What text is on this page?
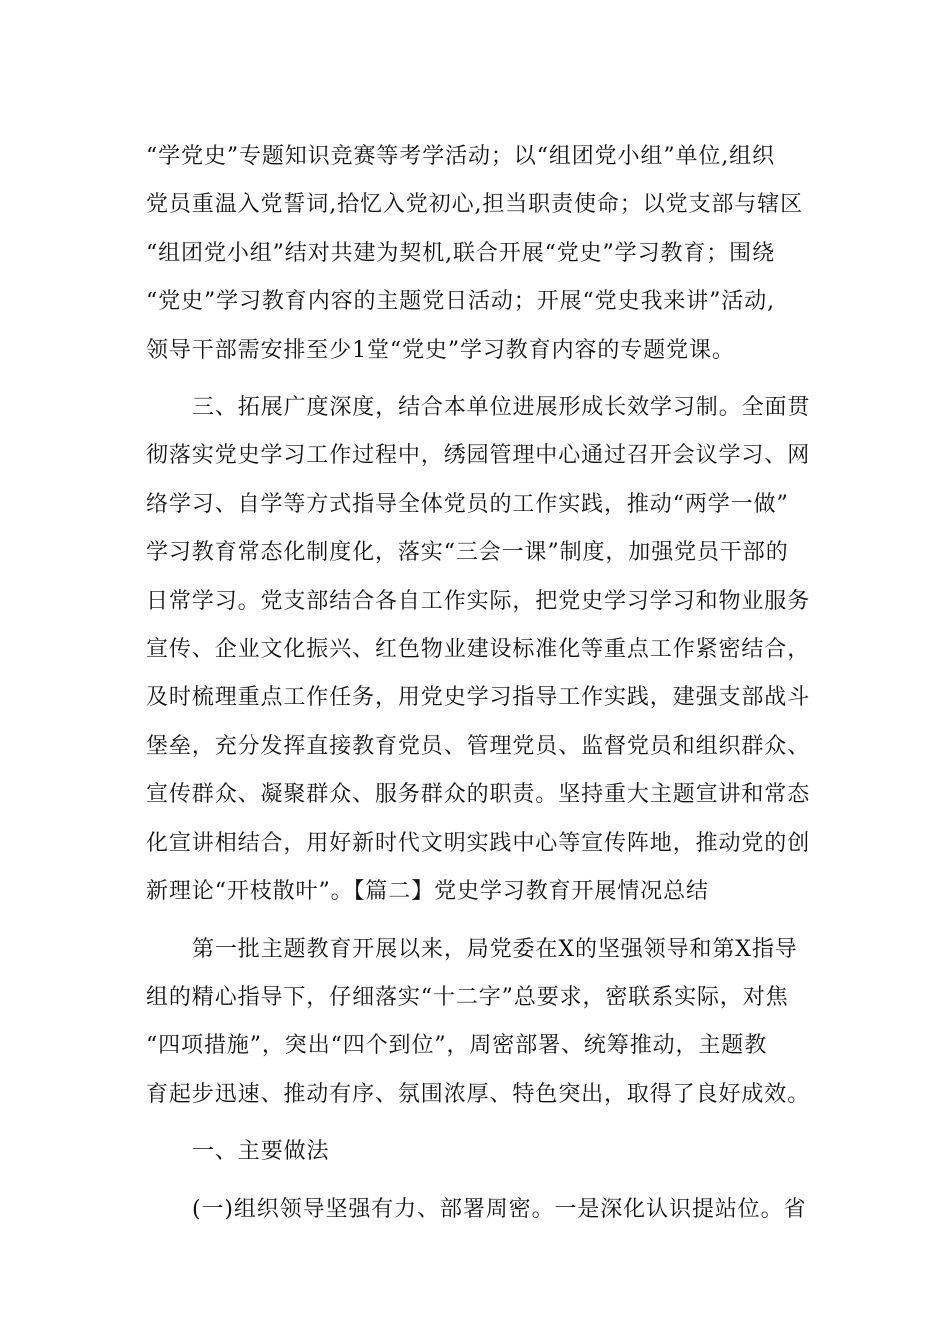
“学党史”专题知识竞赛等考学活动；以“组团党小组”单位,组织
党员重温入党誓词,拾忆入党初心,担当职责使命；以党支部与辖区
“组团党小组”结对共建为契机,联合开展“党史”学习教育；围绕
“党史”学习教育内容的主题党日活动；开展“党史我来讲”活动,
领导干部需安排至少1堂“党史”学习教育内容的专题党课。

三、拓展广度深度，结合本单位进展形成长效学习制。全面贯
彻落实党史学习工作过程中，绣园管理中心通过召开会议学习、网
络学习、自学等方式指导全体党员的工作实践，推动“两学一做”
学习教育常态化制度化，落实“三会一课”制度，加强党员干部的
日常学习。党支部结合各自工作实际，把党史学习学习和物业服务
宣传、企业文化振兴、红色物业建设标准化等重点工作紧密结合，
及时梳理重点工作任务，用党史学习指导工作实践，建强支部战斗
堡垒，充分发挥直接教育党员、管理党员、监督党员和组织群众、
宣传群众、凝聚群众、服务群众的职责。坚持重大主题宣讲和常态
化宣讲相结合，用好新时代文明实践中心等宣传阵地，推动党的创
新理论“开枝散叶”。【篇二】党史学习教育开展情况总结

第一批主题教育开展以来，局党委在X的坚强领导和第X指导
组的精心指导下，仔细落实“十二字”总要求，密联系实际，对焦
“四项措施”，突出“四个到位”，周密部署、统筹推动，主题教
育起步迅速、推动有序、氛围浓厚、特色突出，取得了良好成效。

一、主要做法

(一)组织领导坚强有力、部署周密。一是深化认识提站位。省
